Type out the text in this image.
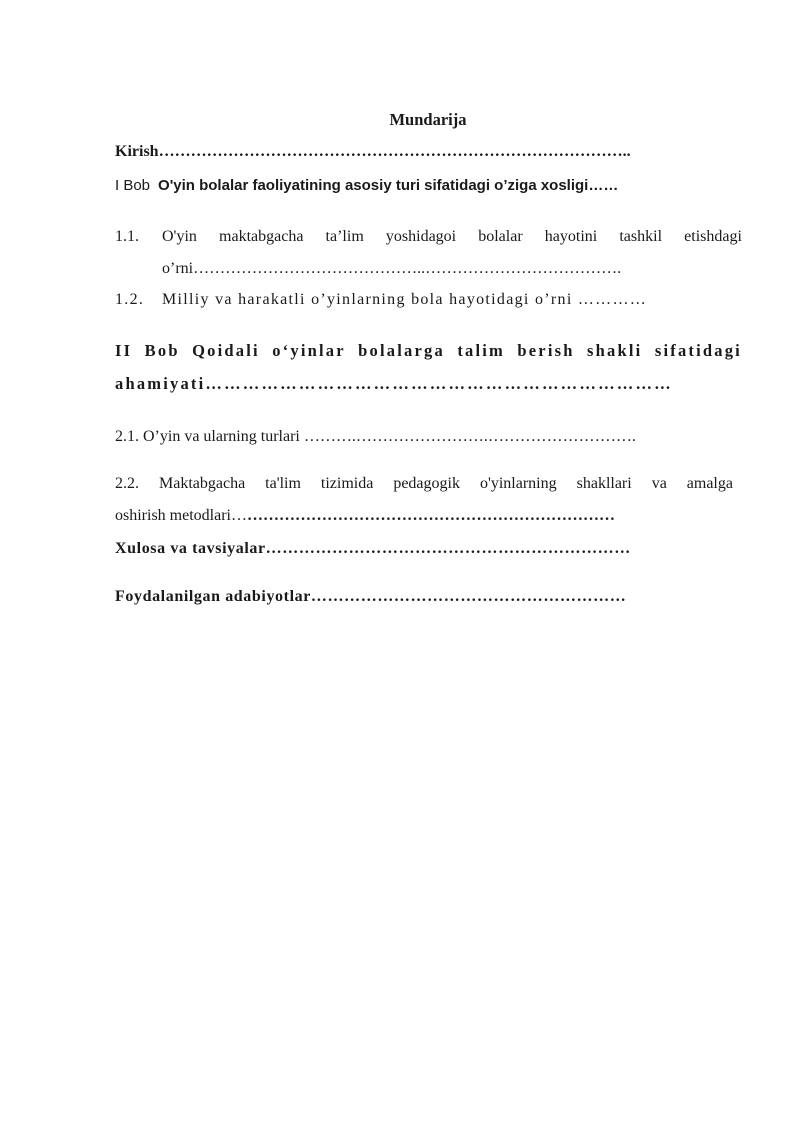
Mundarija
Kirish……………………………………………………………………………..
I Bob O'yin bolalar faoliyatining asosiy turi sifatidagi o’ziga xosligi……
1.1. O'yin maktabgacha ta’lim yoshidagoi bolalar hayotini tashkil etishdagi
o’rni……………………………………..……………………………….
1.2. Milliy va harakatli o’yinlarning bola hayotidagi o’rni …………
II Bob Qoidali o‘yinlar bolalarga talim berish shakli sifatidagi
ahamiyati…………………………………………………………………
2.1. O’yin va ularning turlari ……….…………………….……………………….
2.2. Maktabgacha ta'lim tizimida pedagogik o'yinlarning shakllari va amalga
oshirish metodlari………………………………………………………………
Xulosa va tavsiyalar…………………………………………………………
Foydalanilgan adabiyotlar…………………………………………………
